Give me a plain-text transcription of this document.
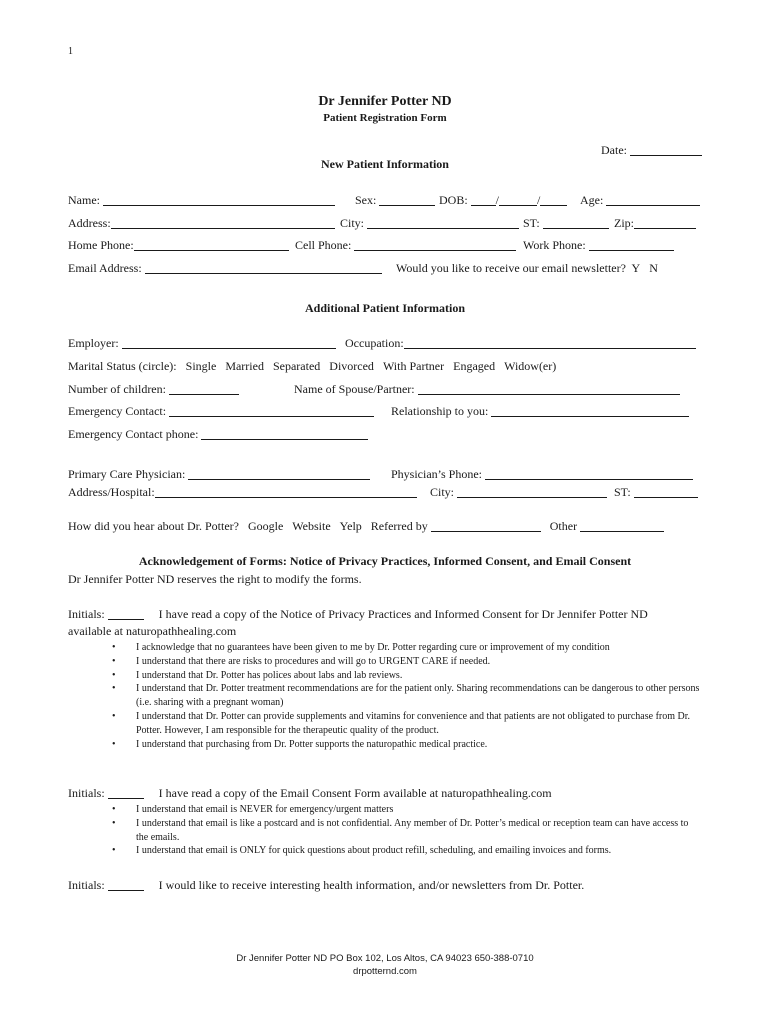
1
Dr Jennifer Potter ND
Patient Registration Form
Date:
New Patient Information
Name:	Sex:	DOB: /	/	Age:
Address:	City:	ST:	Zip:
Home Phone:	Cell Phone:	Work Phone:
Email Address:	Would you like to receive our email newsletter? Y N
Additional Patient Information
Employer:	Occupation:
Marital Status (circle): Single Married Separated Divorced With Partner Engaged Widow(er)
Number of children:	Name of Spouse/Partner:
Emergency Contact:	Relationship to you:
Emergency Contact phone:
Primary Care Physician:	Physician’s Phone:
Address/Hospital:	City:	ST:
How did you hear about Dr. Potter? Google Website Yelp Referred by	Other
Acknowledgement of Forms: Notice of Privacy Practices, Informed Consent, and Email Consent
Dr Jennifer Potter ND reserves the right to modify the forms.
Initials:	I have read a copy of the Notice of Privacy Practices and Informed Consent for Dr Jennifer Potter ND
available at naturopathhealing.com
• I acknowledge that no guarantees have been given to me by Dr. Potter regarding cure or improvement of my condition
• I understand that there are risks to procedures and will go to URGENT CARE if needed.
• I understand that Dr. Potter has polices about labs and lab reviews.
• I understand that Dr. Potter treatment recommendations are for the patient only. Sharing recommendations can be dangerous to other persons (i.e. sharing with a pregnant woman)
• I understand that Dr. Potter can provide supplements and vitamins for convenience and that patients are not obligated to purchase from Dr. Potter. However, I am responsible for the therapeutic quality of the product.
• I understand that purchasing from Dr. Potter supports the naturopathic medical practice.
Initials:	I have read a copy of the Email Consent Form available at naturopathhealing.com
• I understand that email is NEVER for emergency/urgent matters
• I understand that email is like a postcard and is not confidential. Any member of Dr. Potter’s medical or reception team can have access to the emails.
• I understand that email is ONLY for quick questions about product refill, scheduling, and emailing invoices and forms.
Initials:	I would like to receive interesting health information, and/or newsletters from Dr. Potter.
Dr Jennifer Potter ND PO Box 102, Los Altos, CA 94023 650-388-0710
drpotternd.com
